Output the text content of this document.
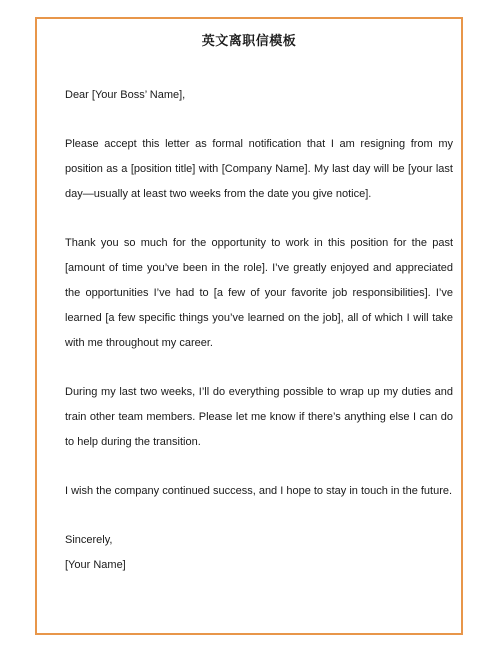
英文离职信模板

Dear [Your Boss’ Name],

Please accept this letter as formal notification that I am resigning from my position as a [position title] with [Company Name]. My last day will be [your last day—usually at least two weeks from the date you give notice].

Thank you so much for the opportunity to work in this position for the past [amount of time you’ve been in the role]. I’ve greatly enjoyed and appreciated the opportunities I’ve had to [a few of your favorite job responsibilities]. I’ve learned [a few specific things you’ve learned on the job], all of which I will take with me throughout my career.

During my last two weeks, I’ll do everything possible to wrap up my duties and train other team members. Please let me know if there’s anything else I can do to help during the transition.

I wish the company continued success, and I hope to stay in touch in the future.

Sincerely,

[Your Name]
